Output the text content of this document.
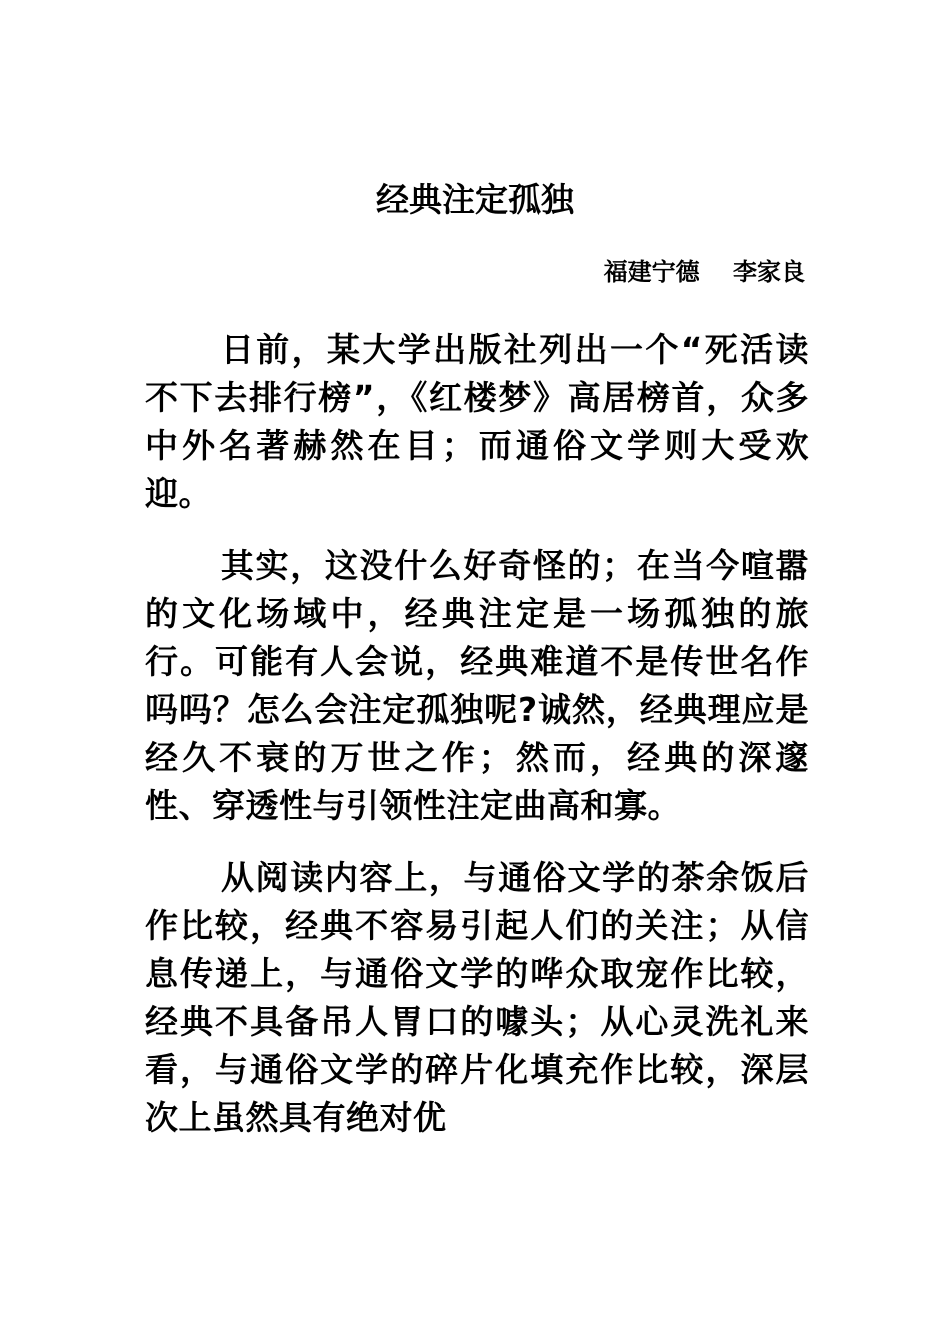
经典注定孤独
福建宁德    李家良

日前，某大学出版社列出一个“死活读不下去排行榜”，《红楼梦》高居榜首，众多中外名著赫然在目；而通俗文学则大受欢迎。

其实，这没什么好奇怪的；在当今喧嚣的文化场域中，经典注定是一场孤独的旅行。可能有人会说，经典难道不是传世名作吗吗？怎么会注定孤独呢?诚然，经典理应是经久不衰的万世之作；然而，经典的深邃性、穿透性与引领性注定曲高和寡。

从阅读内容上，与通俗文学的茶余饭后作比较，经典不容易引起人们的关注；从信息传递上，与通俗文学的哗众取宠作比较，经典不具备吊人胃口的噱头；从心灵洗礼来看，与通俗文学的碎片化填充作比较，深层次上虽然具有绝对优
